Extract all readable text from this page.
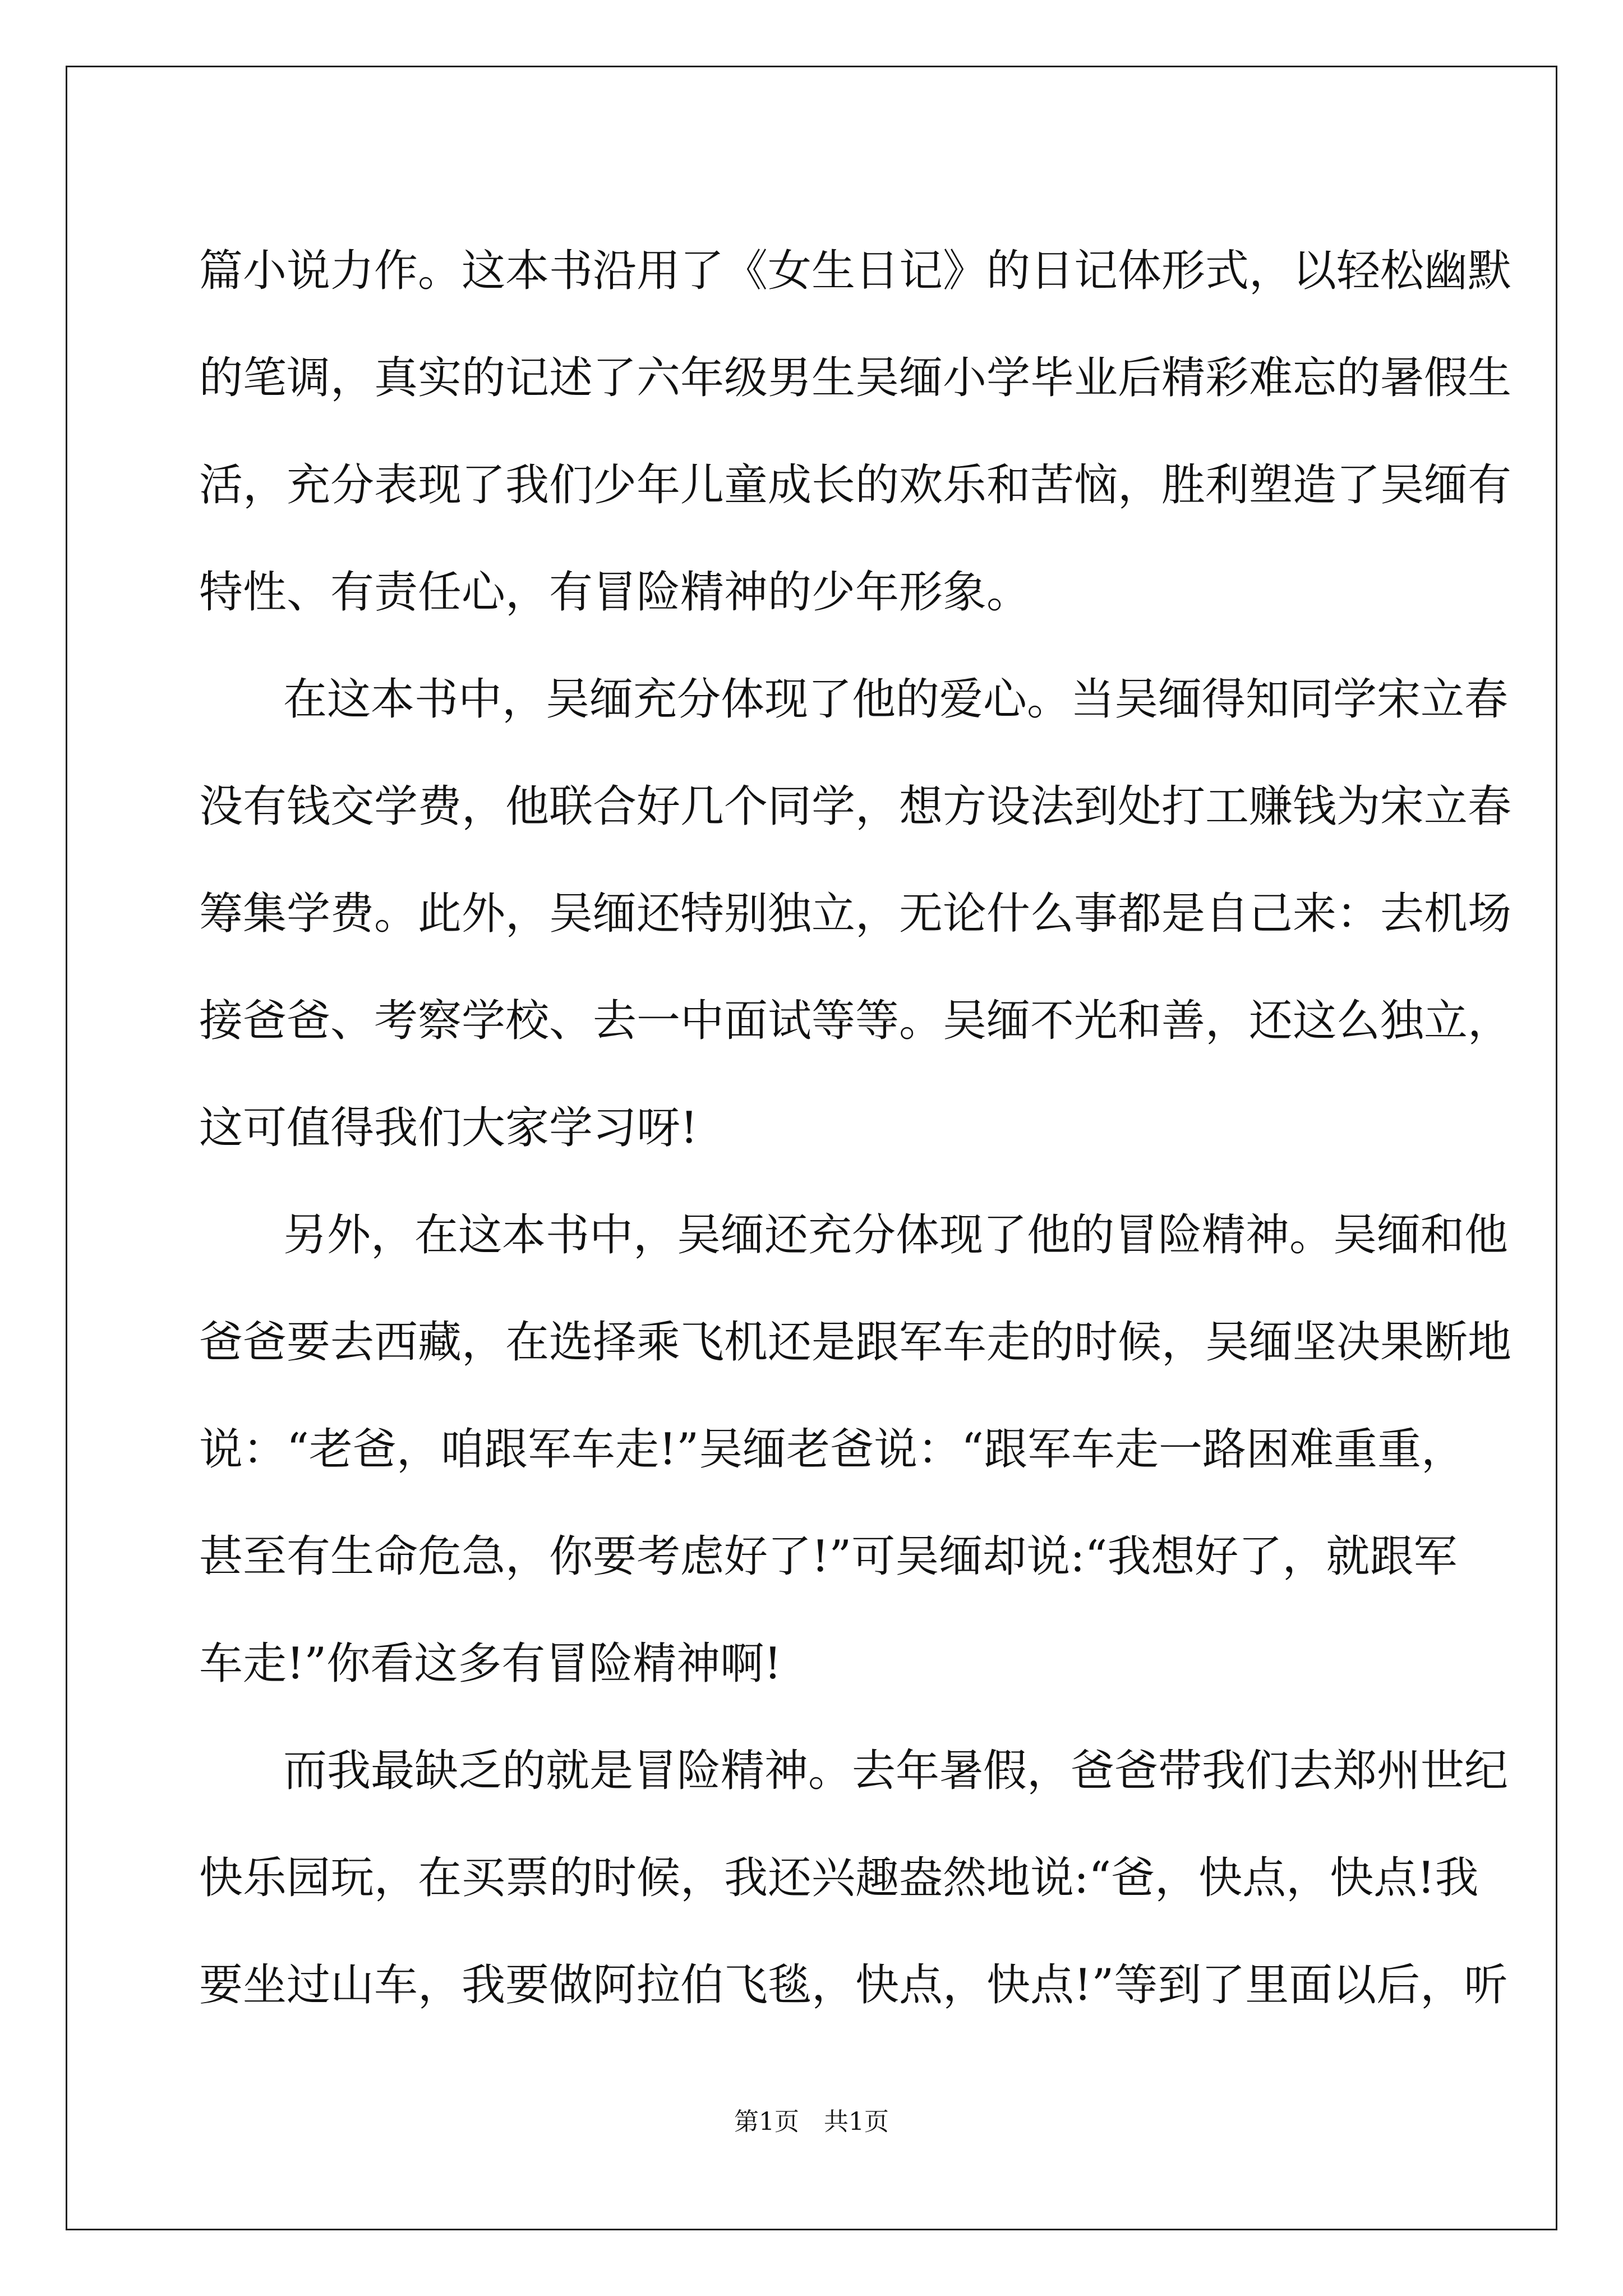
篇小说力作。这本书沿用了《女生日记》的日记体形式，以轻松幽默
的笔调，真实的记述了六年级男生吴缅小学毕业后精彩难忘的暑假生
活，充分表现了我们少年儿童成长的欢乐和苦恼，胜利塑造了吴缅有
特性、有责任心，有冒险精神的少年形象。
在这本书中，吴缅充分体现了他的爱心。当吴缅得知同学宋立春
没有钱交学费，他联合好几个同学，想方设法到处打工赚钱为宋立春
筹集学费。此外，吴缅还特别独立，无论什么事都是自己来：去机场
接爸爸、考察学校、去一中面试等等。吴缅不光和善，还这么独立，
这可值得我们大家学习呀!
另外，在这本书中，吴缅还充分体现了他的冒险精神。吴缅和他
爸爸要去西藏，在选择乘飞机还是跟军车走的时候，吴缅坚决果断地
说：“老爸，咱跟军车走!”吴缅老爸说：“跟军车走一路困难重重，
甚至有生命危急，你要考虑好了!”可吴缅却说:“我想好了，就跟军
车走!”你看这多有冒险精神啊!
而我最缺乏的就是冒险精神。去年暑假，爸爸带我们去郑州世纪
快乐园玩，在买票的时候，我还兴趣盎然地说:“爸，快点，快点!我
要坐过山车，我要做阿拉伯飞毯，快点，快点!”等到了里面以后，听
第1页　共1页
